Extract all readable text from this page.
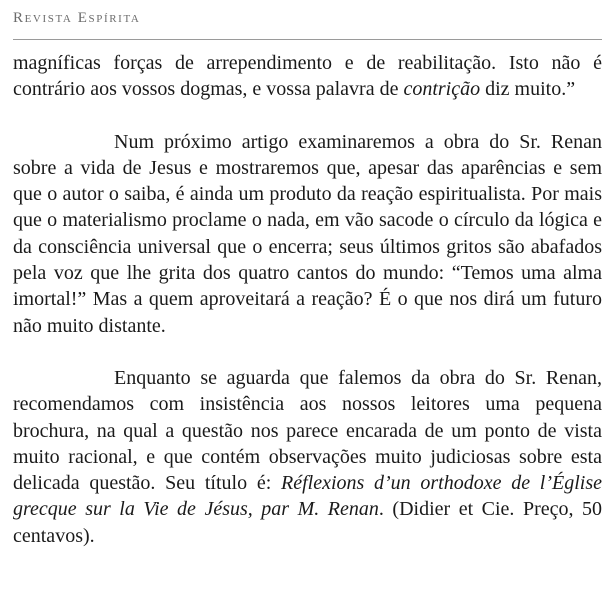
Revista Espírita

magníficas forças de arrependimento e de reabilitação. Isto não é contrário aos vossos dogmas, e vossa palavra de contrição diz muito.”

Num próximo artigo examinaremos a obra do Sr. Renan sobre a vida de Jesus e mostraremos que, apesar das aparências e sem que o autor o saiba, é ainda um produto da reação espiritualista. Por mais que o materialismo proclame o nada, em vão sacode o círculo da lógica e da consciência universal que o encerra; seus últimos gritos são abafados pela voz que lhe grita dos quatro cantos do mundo: “Temos uma alma imortal!” Mas a quem aproveitará a reação? É o que nos dirá um futuro não muito distante.

Enquanto se aguarda que falemos da obra do Sr. Renan, recomendamos com insistência aos nossos leitores uma pequena brochura, na qual a questão nos parece encarada de um ponto de vista muito racional, e que contém observações muito judiciosas sobre esta delicada questão. Seu título é: Réflexions d’un orthodoxe de l’Église grecque sur la Vie de Jésus, par M. Renan. (Didier et Cie. Preço, 50 centavos).
